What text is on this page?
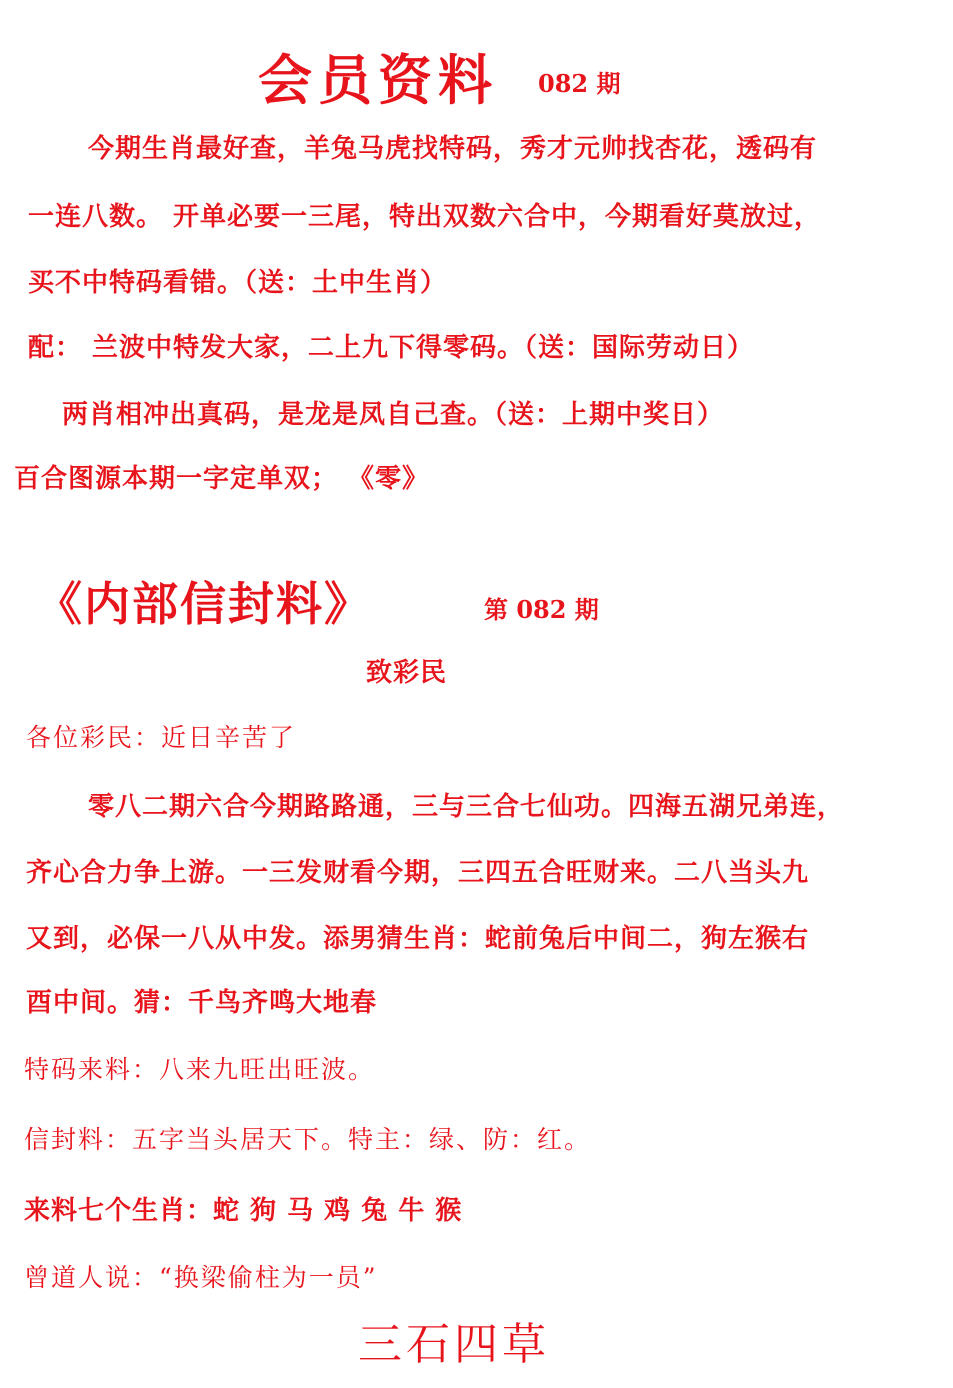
会员资料 082 期

今期生肖最好查，羊兔马虎找特码，秀才元帅找杏花，透码有

一连八数。 开单必要一三尾，特出双数六合中，今期看好莫放过，

买不中特码看错。（送：土中生肖）

配： 兰波中特发大家，二上九下得零码。（送：国际劳动日）

两肖相冲出真码，是龙是凤自己查。（送：上期中奖日）

百合图源本期一字定单双； 《零》

《内部信封料》	第 082 期

致彩民

各位彩民：近日辛苦了

零八二期六合今期路路通，三与三合七仙功。四海五湖兄弟连，

齐心合力争上游。一三发财看今期，三四五合旺财来。二八当头九

又到，必保一八从中发。添男猜生肖：蛇前兔后中间二，狗左猴右

酉中间。猜：千鸟齐鸣大地春

特码来料：八来九旺出旺波。

信封料：五字当头居天下。特主：绿、防：红。

来料七个生肖：蛇 狗 马 鸡 兔 牛 猴

曾道人说：“换梁偷柱为一员”

三石四草
